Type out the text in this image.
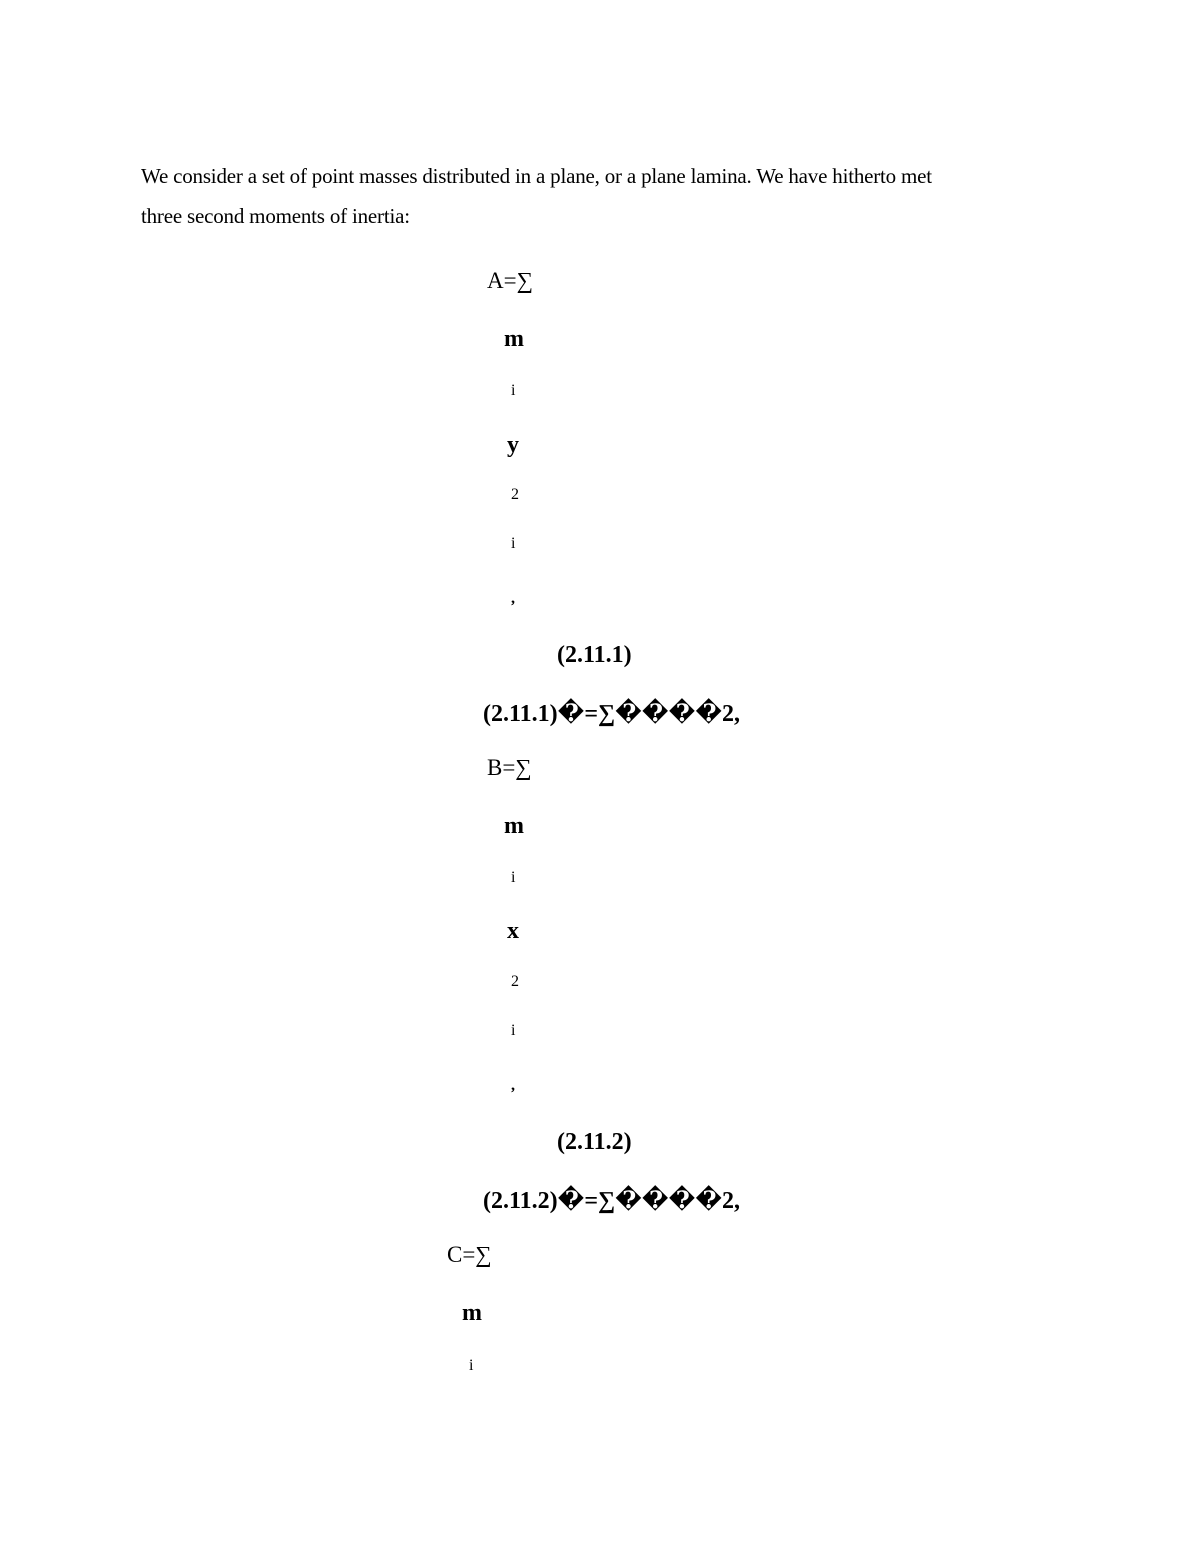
We consider a set of point masses distributed in a plane, or a plane lamina. We have hitherto met
three second moments of inertia:

A=∑
m
i
y
2
i
,
(2.11.1)
(2.11.1)�=∑����2,
B=∑
m
i
x
2
i
,
(2.11.2)
(2.11.2)�=∑����2,
C=∑
m
i
